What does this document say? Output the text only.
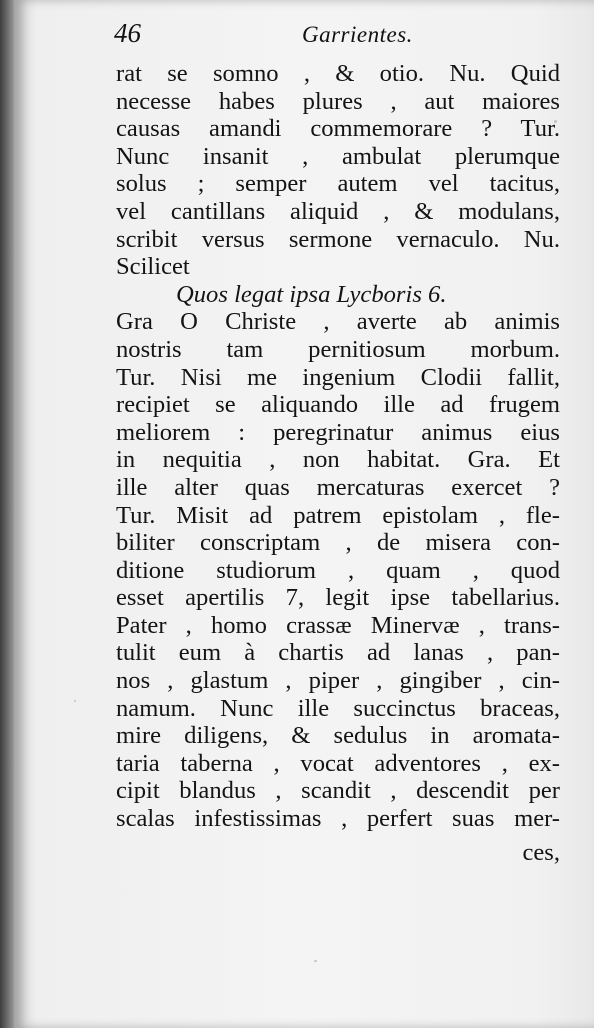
46	Garrientes.
rat se somno , & otio. Nu. Quid
necesse habes plures , aut maiores
causas amandi commemorare ? Tur.
Nunc insanit , ambulat plerumque
solus ; semper autem vel tacitus,
vel cantillans aliquid , & modulans,
scribit versus sermone vernaculo. Nu.
Scilicet
Quos legat ipsa Lycboris 6.
Gra O Christe , averte ab animis
nostris tam pernitiosum morbum.
Tur. Nisi me ingenium Clodii fallit,
recipiet se aliquando ille ad frugem
meliorem : peregrinatur animus eius
in nequitia , non habitat. Gra. Et
ille alter quas mercaturas exercet ?
Tur. Misit ad patrem epistolam , fle-
biliter conscriptam , de misera con-
ditione studiorum , quam , quod
esset apertilis 7, legit ipse tabellarius.
Pater , homo crassæ Minervæ , trans-
tulit eum à chartis ad lanas , pan-
nos , glastum , piper , gingiber , cin-
namum. Nunc ille succinctus braceas,
mire diligens, & sedulus in aromata-
taria taberna , vocat adventores , ex-
cipit blandus , scandit , descendit per
scalas infestissimas , perfert suas mer-
ces,
